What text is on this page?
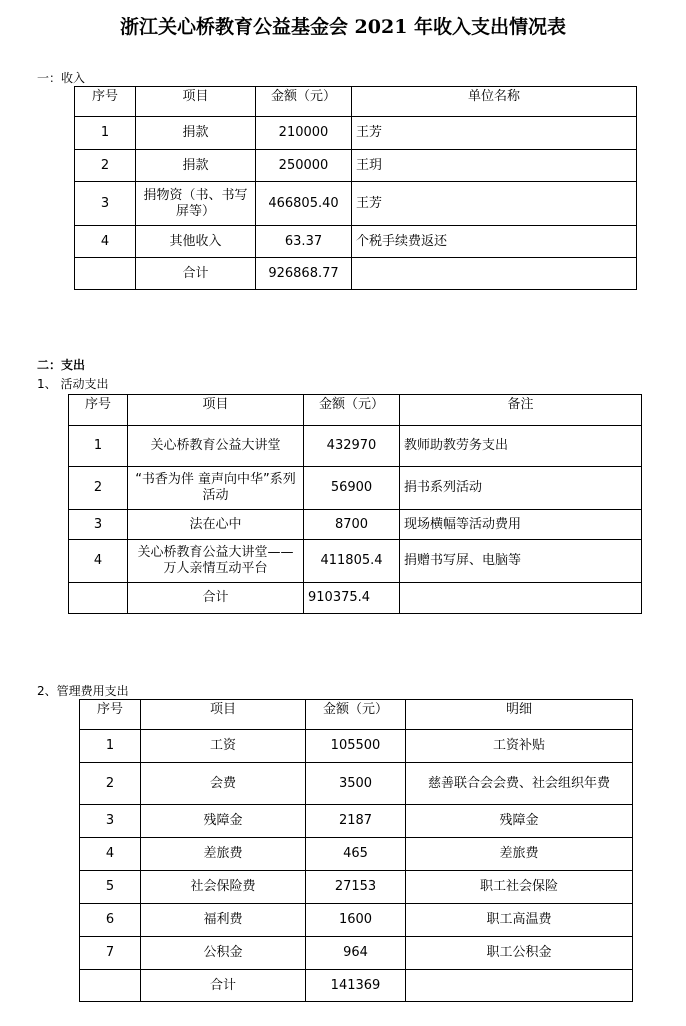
浙江关心桥教育公益基金会 2021 年收入支出情况表
一：收入
序号	项目	金额（元）	单位名称
1	捐款	210000	王芳
2	捐款	250000	王玥
3	捐物资（书、书写屏等）	466805.40	王芳
4	其他收入	63.37	个税手续费返还
	合计	926868.77	
二：支出
1、 活动支出
序号	项目	金额（元）	备注
1	关心桥教育公益大讲堂	432970	教师助教劳务支出
2	“书香为伴 童声向中华”系列活动	56900	捐书系列活动
3	法在心中	8700	现场横幅等活动费用
4	关心桥教育公益大讲堂——万人亲情互动平台	411805.4	捐赠书写屏、电脑等
	合计	910375.4	
2、管理费用支出
序号	项目	金额（元）	明细
1	工资	105500	工资补贴
2	会费	3500	慈善联合会会费、社会组织年费
3	残障金	2187	残障金
4	差旅费	465	差旅费
5	社会保险费	27153	职工社会保险
6	福利费	1600	职工高温费
7	公积金	964	职工公积金
	合计	141369	
